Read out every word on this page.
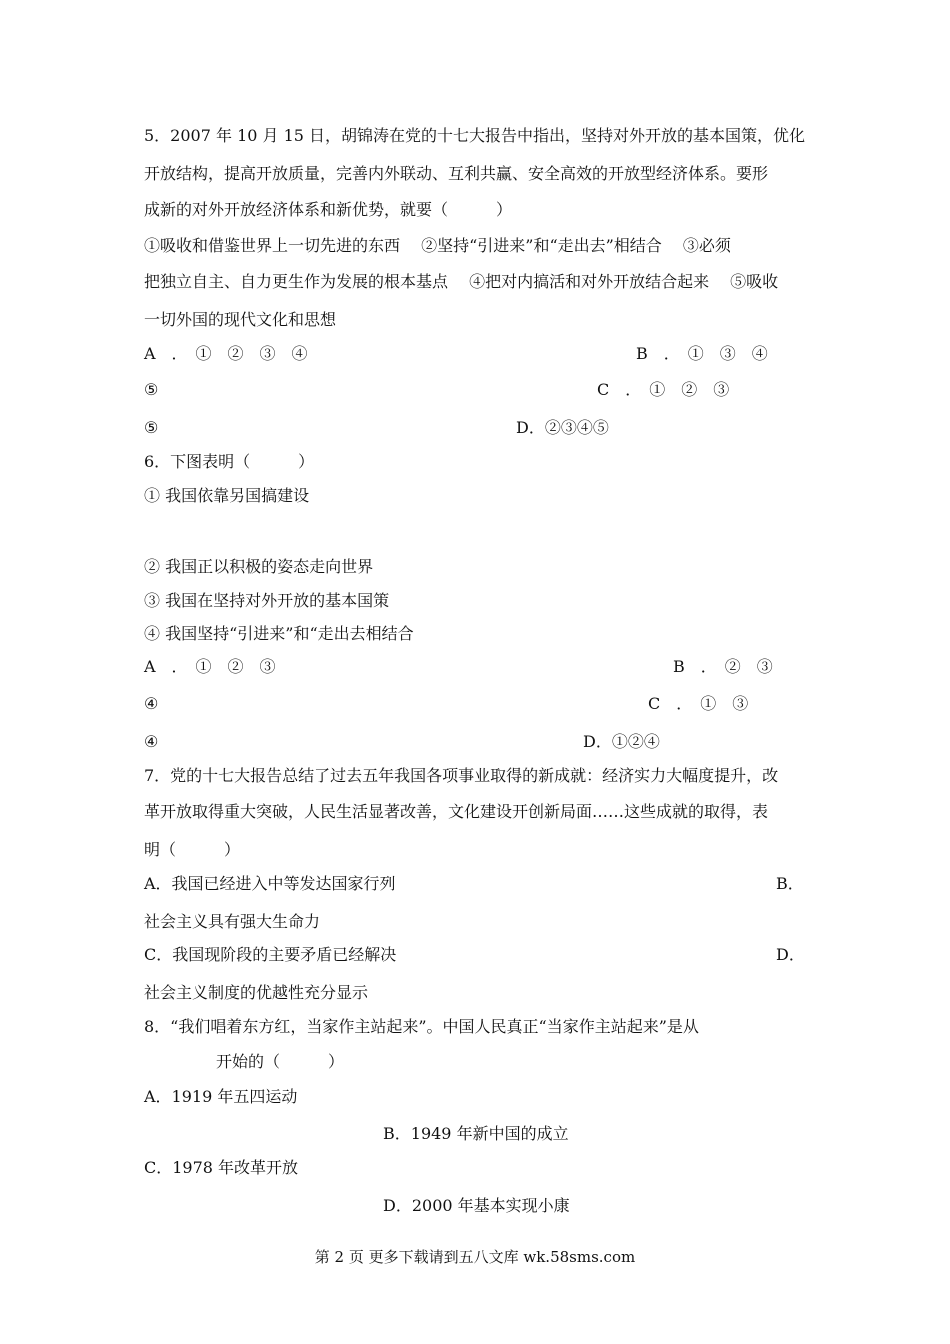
5．2007 年 10 月 15 日，胡锦涛在党的十七大报告中指出，坚持对外开放的基本国策，优化
开放结构，提高开放质量，完善内外联动、互利共赢、安全高效的开放型经济体系。要形
成新的对外开放经济体系和新优势，就要（　　　）
①吸收和借鉴世界上一切先进的东西　 ②坚持“引进来”和“走出去”相结合　 ③必须
把独立自主、自力更生作为发展的根本基点　 ④把对内搞活和对外开放结合起来　 ⑤吸收
一切外国的现代文化和思想
A　．　①　②　③　④	B　．　①　③　④
⑤	C　．　①　②　③
⑤	D．②③④⑤
6．下图表明（　　　）
① 我国依靠另国搞建设
② 我国正以积极的姿态走向世界
③ 我国在坚持对外开放的基本国策
④ 我国坚持“引进来”和“走出去相结合
A　．　①　②　③	B　．　②　③
④	C　．　①　③
④	D．①②④
7．党的十七大报告总结了过去五年我国各项事业取得的新成就：经济实力大幅度提升，改
革开放取得重大突破，人民生活显著改善，文化建设开创新局面……这些成就的取得，表
明（　　　）
A．我国已经进入中等发达国家行列	B．
社会主义具有强大生命力
C．我国现阶段的主要矛盾已经解决	D．
社会主义制度的优越性充分显示
8．“我们唱着东方红，当家作主站起来”。中国人民真正“当家作主站起来”是从
开始的（　　　）
A．1919 年五四运动
B．1949 年新中国的成立
C．1978 年改革开放
D．2000 年基本实现小康
第 2 页 更多下载请到五八文库 wk.58sms.com
